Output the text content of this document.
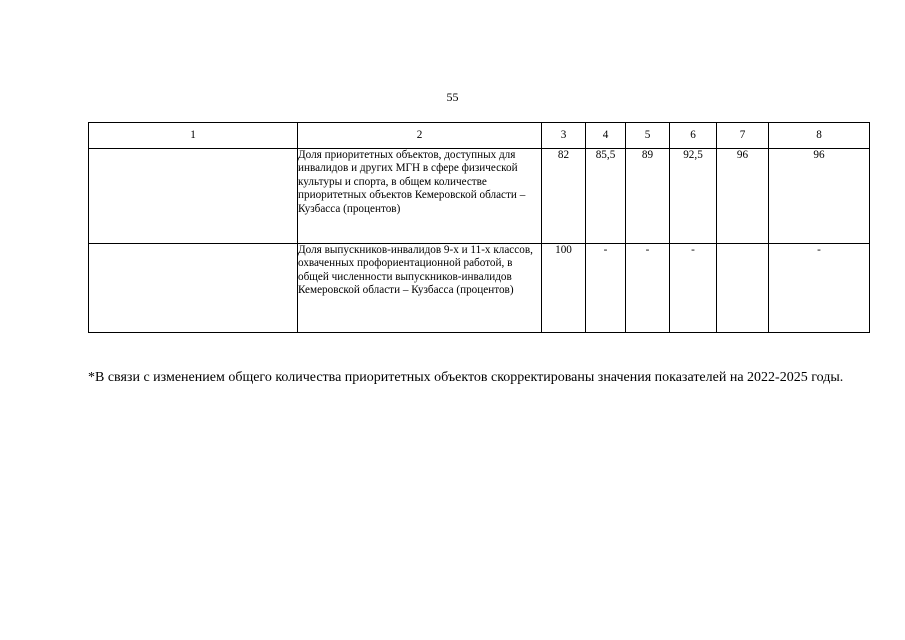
55
1	2	3	4	5	6	7	8
	Доля приоритетных объектов, доступных для инвалидов и других МГН в сфере физической культуры и спорта, в общем количестве приоритетных объектов Кемеровской области – Кузбасса (процентов)	82	85,5	89	92,5	96	96
	Доля выпускников-инвалидов 9-х и 11-х классов, охваченных профориентационной работой, в общей численности выпускников-инвалидов Кемеровской области – Кузбасса (процентов)	100	-	-	-		-
*В связи с изменением общего количества приоритетных объектов скорректированы значения показателей на 2022-2025 годы.
